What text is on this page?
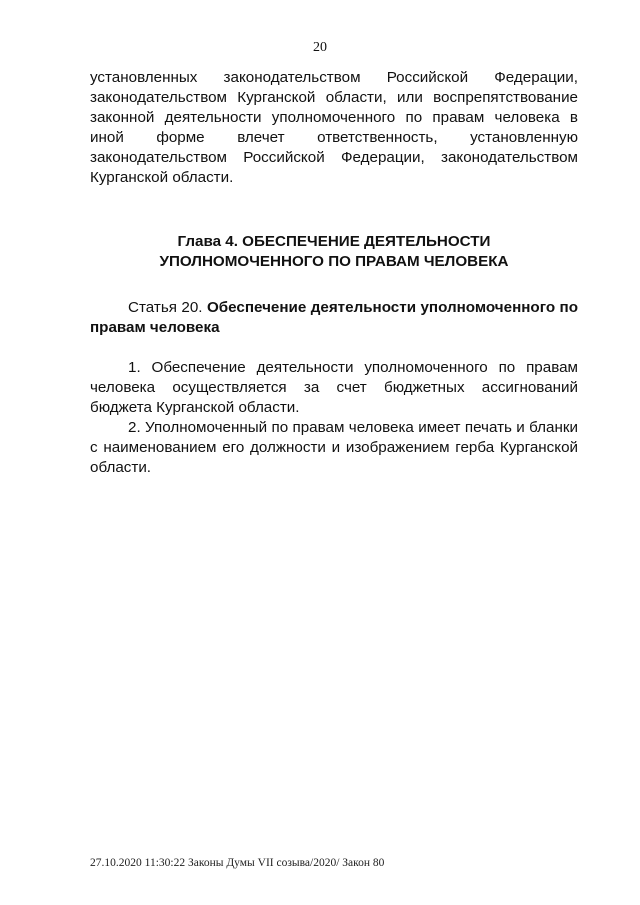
20

установленных законодательством Российской Федерации, законодательством Курганской области, или воспрепятствование законной деятельности уполномоченного по правам человека в иной форме влечет ответственность, установленную законодательством Российской Федерации, законодательством Курганской области.

Глава 4. ОБЕСПЕЧЕНИЕ ДЕЯТЕЛЬНОСТИ
УПОЛНОМОЧЕННОГО ПО ПРАВАМ ЧЕЛОВЕКА

Статья 20. Обеспечение деятельности уполномоченного по правам человека

1. Обеспечение деятельности уполномоченного по правам человека осуществляется за счет бюджетных ассигнований бюджета Курганской области.

2. Уполномоченный по правам человека имеет печать и бланки с наименованием его должности и изображением герба Курганской области.

27.10.2020 11:30:22 Законы Думы VII созыва/2020/ Закон 80
